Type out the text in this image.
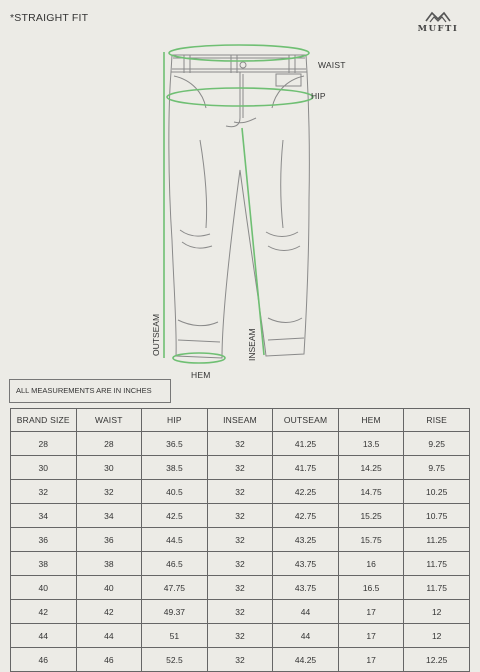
*STRAIGHT FIT
MUFTI
WAIST
HIP
HEM
OUTSEAM	INSEAM
ALL MEASUREMENTS ARE IN INCHES
BRAND SIZE	WAIST	HIP	INSEAM	OUTSEAM	HEM	RISE
28	28	36.5	32	41.25	13.5	9.25
30	30	38.5	32	41.75	14.25	9.75
32	32	40.5	32	42.25	14.75	10.25
34	34	42.5	32	42.75	15.25	10.75
36	36	44.5	32	43.25	15.75	11.25
38	38	46.5	32	43.75	16	11.75
40	40	47.75	32	43.75	16.5	11.75
42	42	49.37	32	44	17	12
44	44	51	32	44	17	12
46	46	52.5	32	44.25	17	12.25
